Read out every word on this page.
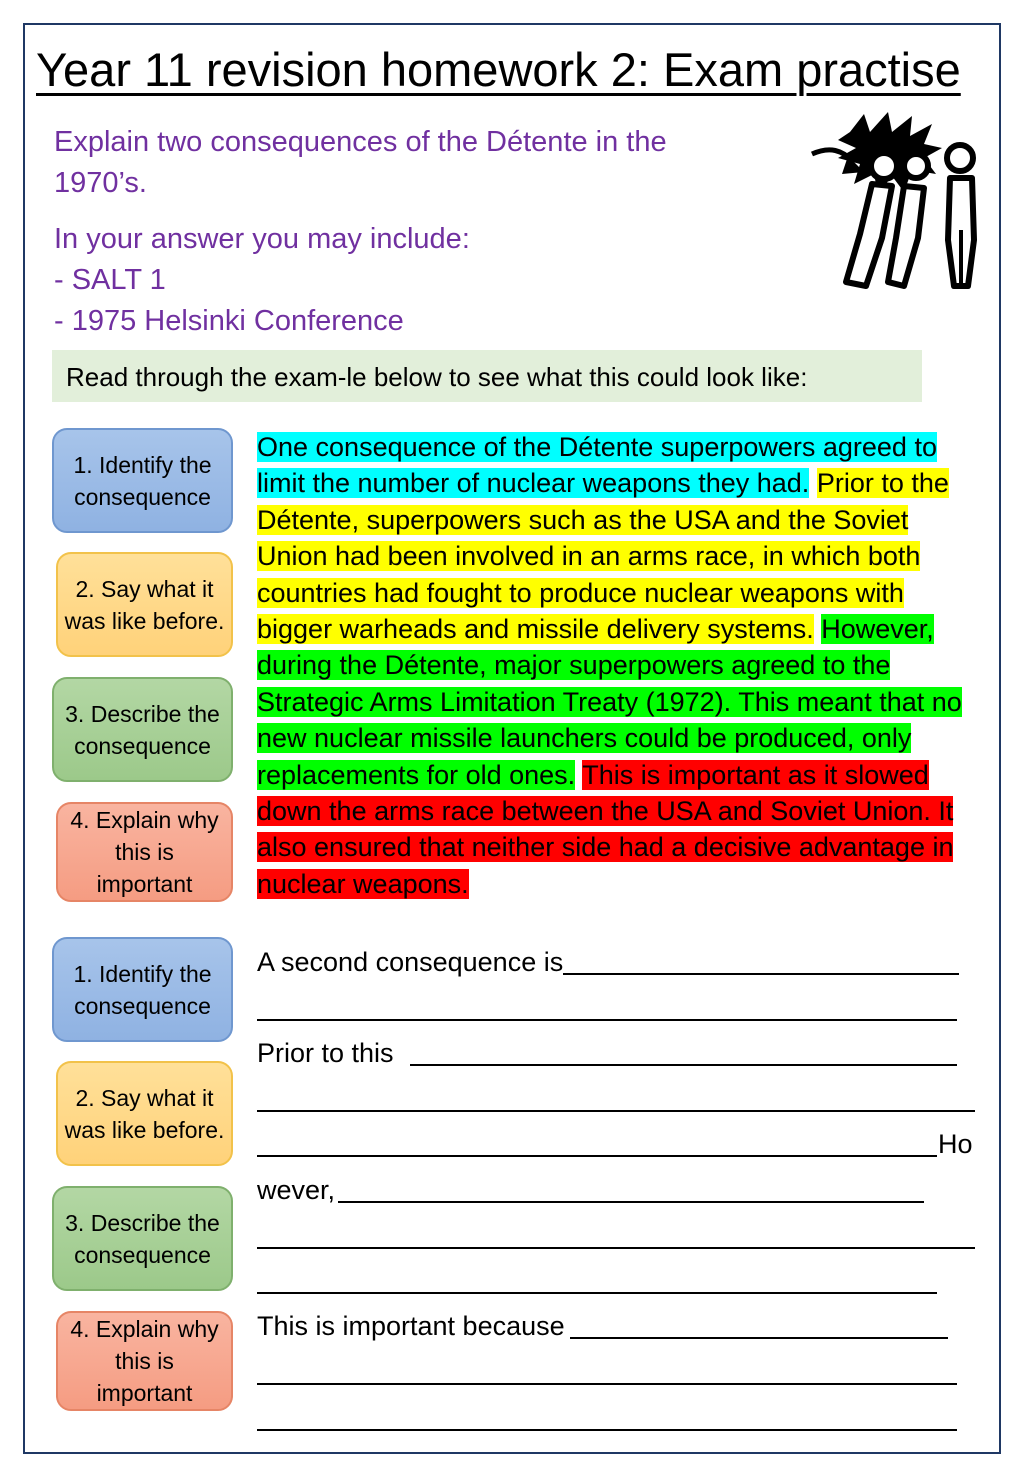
Year 11 revision homework 2: Exam practise
Explain two consequences of the Détente in the
1970’s.
In your answer you may include:
- SALT 1
- 1975 Helsinki Conference
Read through the exam-le below to see what this could look like:
1. Identify the consequence
2. Say what it was like before.
3. Describe the consequence
4. Explain why this is important
1. Identify the consequence
2. Say what it was like before.
3. Describe the consequence
4. Explain why this is important
One consequence of the Détente superpowers agreed to limit the number of nuclear weapons they had. Prior to the Détente, superpowers such as the USA and the Soviet Union had been involved in an arms race, in which both countries had fought to produce nuclear weapons with bigger warheads and missile delivery systems. However, during the Détente, major superpowers agreed to the Strategic Arms Limitation Treaty (1972). This meant that no new nuclear missile launchers could be produced, only replacements for old ones. This is important as it slowed down the arms race between the USA and Soviet Union. It also ensured that neither side had a decisive advantage in nuclear weapons.
A second consequence is
Prior to this
Ho
wever,
This is important because
